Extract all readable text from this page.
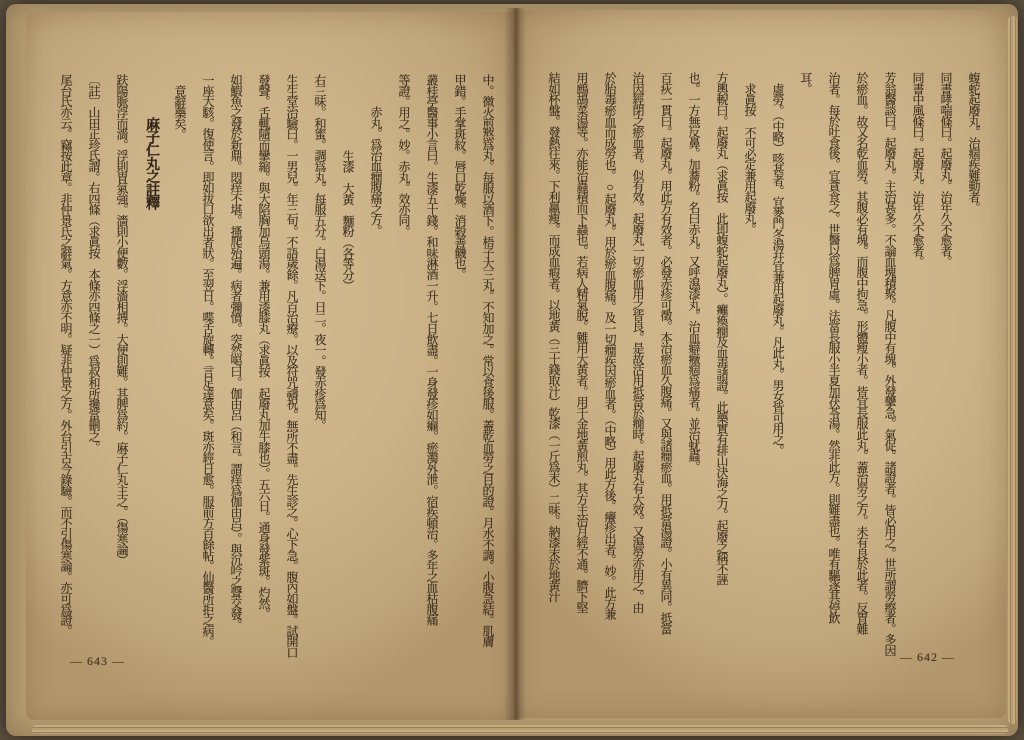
中。微火煎熬爲丸。每服以酒下。梧子大三丸。不知加之。常以食後服。蓋乾血勞之目的證。月水不調。小腹急結。肌膚
甲錯。手掌斑紋。唇口乾燥。消穀善饑也。
叢桂亭醫事小言曰。生漆五十錢。和味淋酒一升。七日飲盡。一身發疹如癩。瘀濁外泄。宿疾頓治。多年之血枯腹痛
等證。用之。妙。赤丸。效亦同。
赤丸。爲治血癇腹痛之方。
生漆　大黃　麵粉（各等分）
右三味。和蜜。調爲丸。每服五分。白湯送下。日二。夜一。發赤疹爲知。
生生堂治驗曰。一男兒。年三旬。不語歲餘。凡百治療。以及符咒禱祝。無所不盡。先生診之。心下急。腹內如盤。試開口
發聲。舌輒隨而攣縮。與大陷胸加烏頭湯。兼用漆膝丸（求眞按　起廢丸加牛膝也）。五六日。通身發紫斑。灼然。
如鰕魚之發於新鼎。悶痒不堪。搔爬殆遍。病者彌憤。突然喝曰。伽由呂（和言。謂痒爲伽由呂）。與沉吟之聲交發。
一座大駭。復使言。即如拔口欲出者狀。至翌日。喋舌旋轉。言足達意矣。斑亦經日愈。服前方百餘帖。仙醫所拒之病。
竟辭藥矣。
麻子仁丸之註釋
趺陽脈浮而濇。浮則胃氣強。濇則小便數。浮濇相搏。大便則難。其脾爲約。麻子仁丸主之。（傷寒論）
〔註〕山田正珍氏謂。右四條（求眞按　本條亦四條之一）爲叔和所攙當刪之。
尾台氏亦云。竊按此章。非仲景氏之辭氣。方意亦不明。疑非仲景之方。外台引古今錄驗。而不引傷寒論。亦可爲證。
— 643 —
蝮蛇起廢丸。治痼疾難動者。
同書哮喘條曰。起廢丸。治年久不愈者。
同書中風條曰。起廢丸。治年久不愈者。
芳翁醫談曰。起廢丸。主治甚多。不論血塊積聚。凡腹中有塊。外發攣急。氣促。諸證者。皆必用之。世所謂勞瘵者。多因
於瘀血。故又名乾血勞。其腹必有塊。而腹中拘急。形體瘦小者。皆宜長服此丸。蓋治勞之方。未有良於此者。反胃難
治者。每於吐食後。宜貪食之。世醫以爲脾胃虛。法當長服小半夏加茯苓湯。然非此方。則難盡也。唯有驅逐其停飲
耳。
虛勞。（中略）咳甚者。宜麥門冬湯幷宜兼用起廢丸。凡此丸。男女皆可用之。
求眞按　不可必定兼用起廢丸。
方輿輗曰。起廢丸（求眞按　此即蝮蛇起廢丸）。癱瘓癇及血毒諸證。此藥實有排山決海之力。起廢之稱不誣
也。一方無反鼻。加蕎粉。名曰赤丸。又呼濕漆丸。治血癖癥痼爲痛者。並治蚘蟲。
百疢一貫曰。起廢丸。用此方有效者。必發赤疹可徵。本治瘀血久腹痛。又與諸癇瘀血。用抵當湯證。小有異同。抵當
治因經閉之瘀血者。似有效。起廢丸一切瘀血用之皆良。是故活用抵當於癇時。起廢丸有大效。又濕勞亦用之。由
於胎毒瘀血而成勞也。○起廢丸。用於瘀血腹痛。及一切癇疾因瘀血者。（中略）用此方後。癢疹出者。妙。此方兼
用鷓鴣菜湯等。亦能治蟲積而下蟲也。若病人精氣脫。難用大黃者。用千金地黃煎丸。其方主治月經不通。臍下堅
結如杯盤。發熱往來。下利羸瘦。而成血瘕者。以地黃（三十錢取汁）乾漆（一斤爲末）二味。納漆末於地黃汁
— 642 —
